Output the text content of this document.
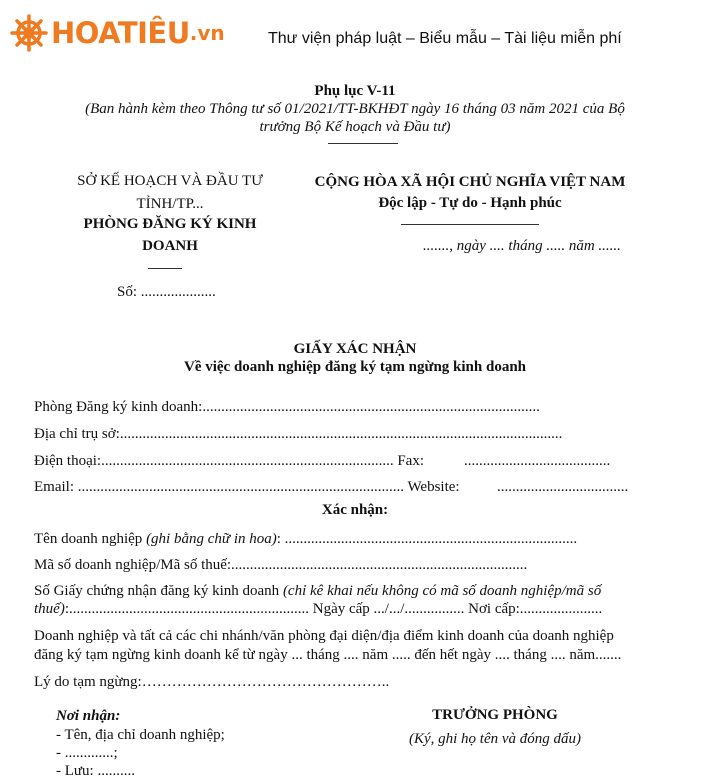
HOATIÊU .vn	Thư viện pháp luật – Biểu mẫu – Tài liệu miễn phí
Phụ lục V-11
(Ban hành kèm theo Thông tư số 01/2021/TT-BKHĐT ngày 16 tháng 03 năm 2021 của Bộ
trưởng Bộ Kế hoạch và Đầu tư)
SỞ KẾ HOẠCH VÀ ĐẦU TƯ
TỈNH/TP...
PHÒNG ĐĂNG KÝ KINH
DOANH
Số: ....................
CỘNG HÒA XÃ HỘI CHỦ NGHĨA VIỆT NAM
Độc lập - Tự do - Hạnh phúc
......., ngày .... tháng ..... năm ......
GIẤY XÁC NHẬN
Về việc doanh nghiệp đăng ký tạm ngừng kinh doanh
Phòng Đăng ký kinh doanh:..........................................................................................
Địa chỉ trụ sở:......................................................................................................................
Điện thoại:.............................................................................. Fax:	.......................................
Email: ....................................................................................... Website: ...................................
Xác nhận:
Tên doanh nghiệp (ghi bằng chữ in hoa): ..............................................................................
Mã số doanh nghiệp/Mã số thuế:...............................................................................
Số Giấy chứng nhận đăng ký kinh doanh (chỉ kê khai nếu không có mã số doanh nghiệp/mã số
thuế):................................................................ Ngày cấp .../.../................ Nơi cấp:......................
Doanh nghiệp và tất cả các chi nhánh/văn phòng đại diện/địa điểm kinh doanh của doanh nghiệp
đăng ký tạm ngừng kinh doanh kể từ ngày ... tháng .... năm ..... đến hết ngày .... tháng .... năm.......
Lý do tạm ngừng:…………………………………………..
Nơi nhận:
- Tên, địa chỉ doanh nghiệp;
- .............;
- Lưu: ..........
TRƯỞNG PHÒNG
(Ký, ghi họ tên và đóng dấu)
